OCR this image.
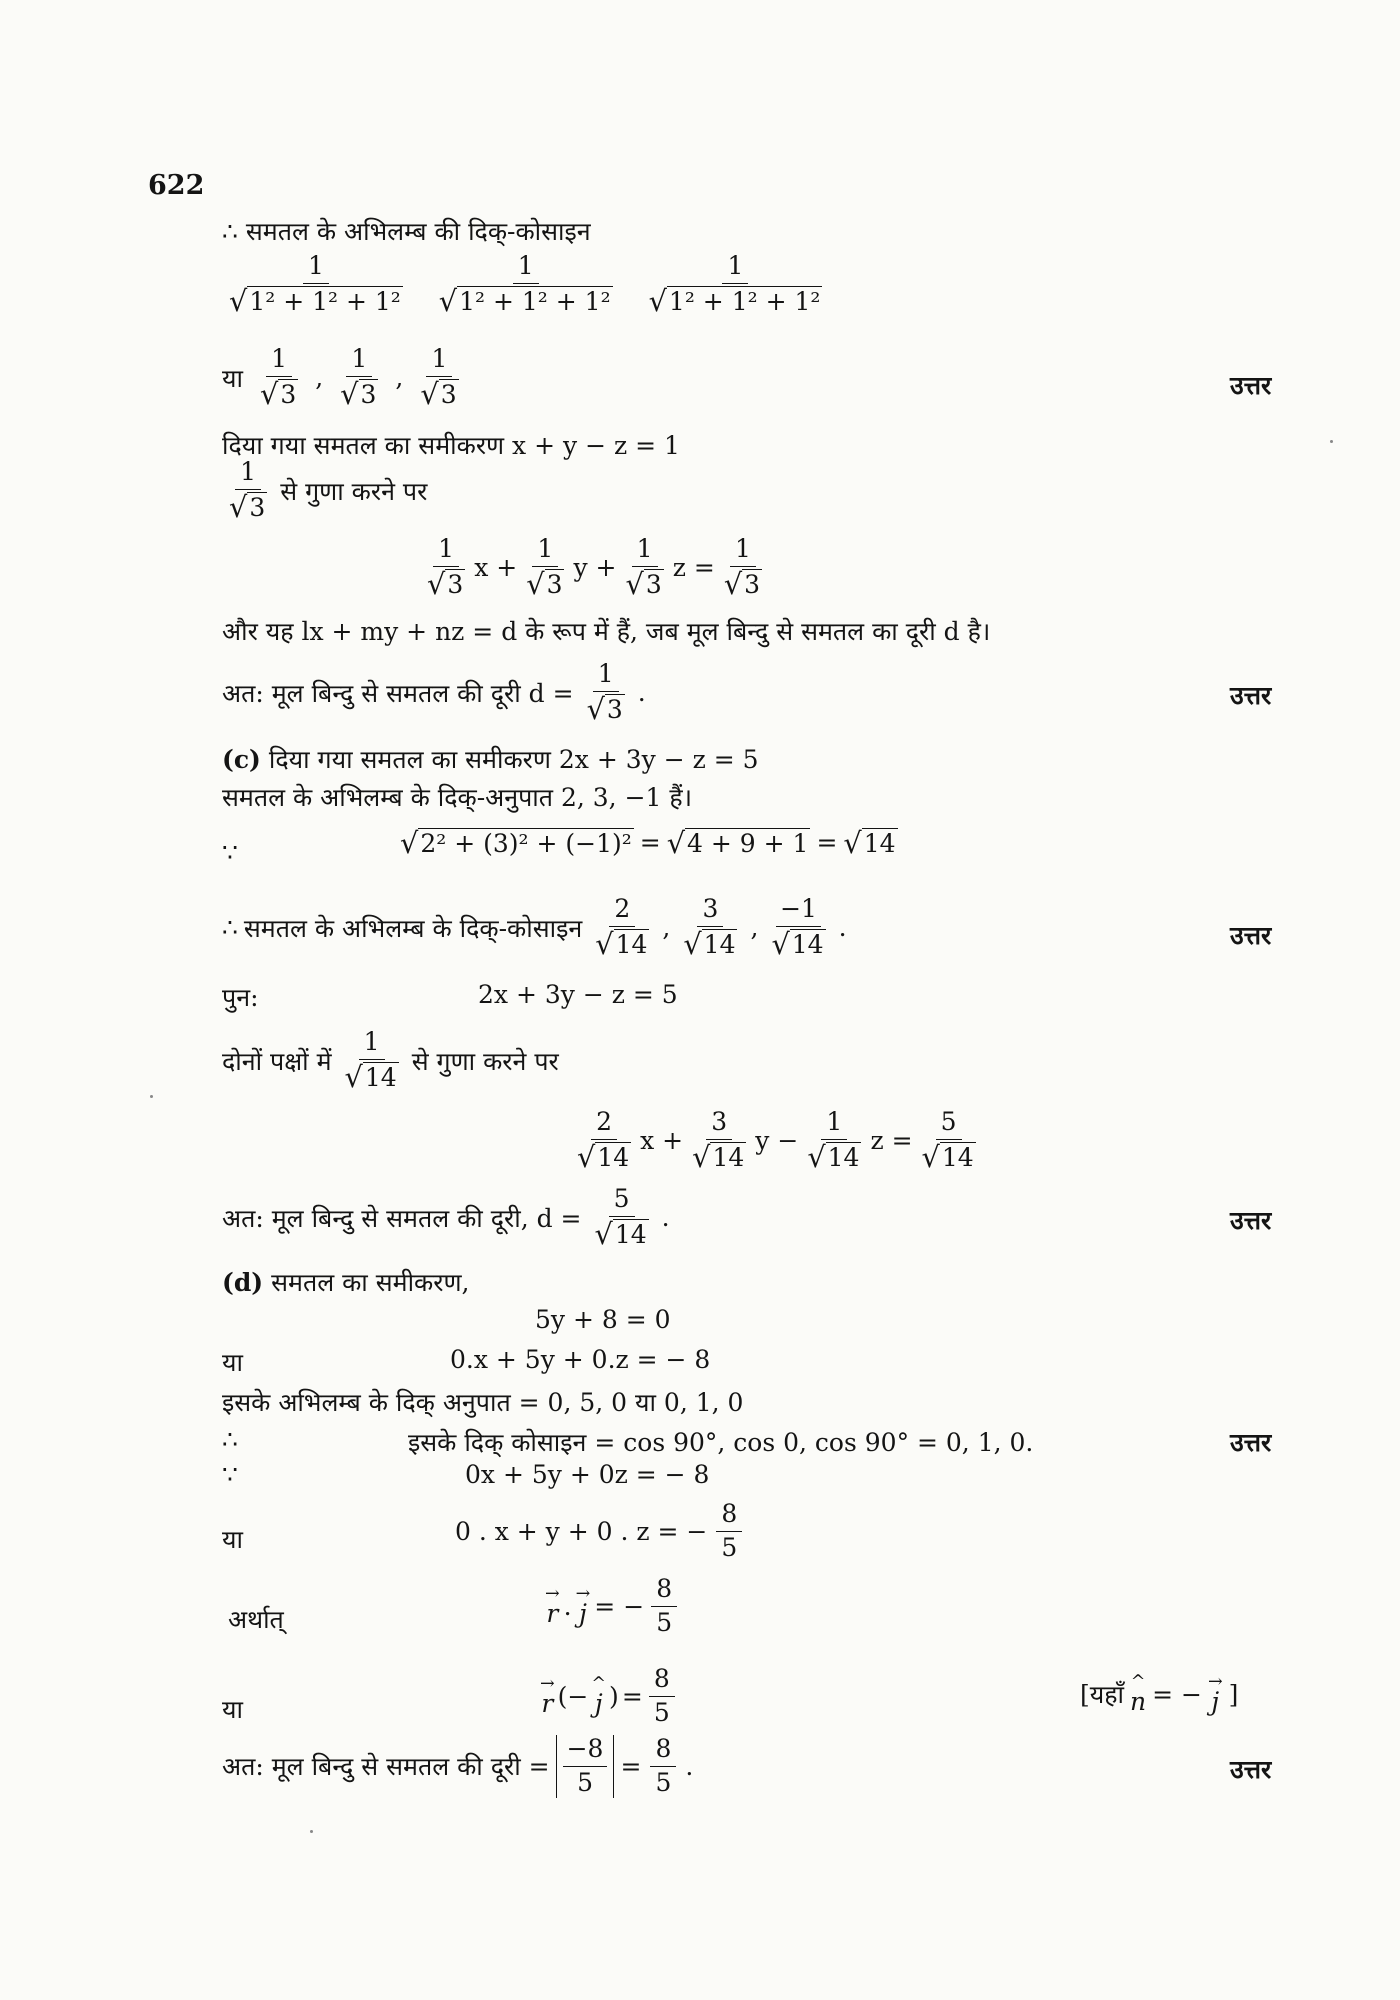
622
∴ समतल के अभिलम्ब की दिक्-कोसाइन
$\frac{1}{\text{√ 1² + 1² + 1²}} \frac{1}{\text{√ 1² + 1² + 1²}} \frac{1}{\text{√ 1² + 1² + 1²}}$
या $\frac{1}{√ 3}$ , $\frac{1}{√ 3}$ , $\frac{1}{√ 3}$	उत्तर
दिया गया समतल का समीकरण x + y − z = 1
$\frac{1}{√ 3}$ से गुणा करने पर
$\frac{1}{√ 3}$ $x + \frac{1}{√ 3}$ $y + \frac{1}{√ 3}$ $z = \frac{1}{√ 3}$
और यह lx + my + nz = d के रूप में हैं, जब मूल बिन्दु से समतल का दूरी d है।
अत: मूल बिन्दु से समतल की दूरी $d = \frac{1}{√ 3}$ .	उत्तर
(c) दिया गया समतल का समीकरण 2x + 3y − z = 5
समतल के अभिलम्ब के दिक्-अनुपात 2, 3, −1 हैं।
∵	√ 2² + (3)² + (−1)² = √ 4 + 9 + 1 = √ 14
∴ समतल के अभिलम्ब के दिक्-कोसाइन $\frac{2}{√ 14}$ , $\frac{3}{√ 14}$ , $\frac{-1}{√ 14}$ .	उत्तर
पुन:	2x + 3y − z = 5
दोनों पक्षों में $\frac{1}{√ 14}$ से गुणा करने पर
$\frac{2}{√ 14}$ $x + \frac{3}{√ 14}$ $y - \frac{1}{√ 14}$ $z = \frac{5}{√ 14}$
अत: मूल बिन्दु से समतल की दूरी, $d = \frac{5}{√ 14}$ .	उत्तर
(d) समतल का समीकरण,
5y + 8 = 0
या	0.x + 5y + 0.z = − 8
इसके अभिलम्ब के दिक् अनुपात = 0, 5, 0 या 0, 1, 0
∴	इसके दिक् कोसाइन = cos 90°, cos 0, cos 90° = 0, 1, 0.	उत्तर
∵	0x + 5y + 0z = − 8
या	0 . x + y + 0 . z = − $\frac{8}{5}$
अर्थात्
→
r . →
j = − $\frac{8}{5}$
या
→
r (− ^
j ) = $\frac{8}{5}$	[यहाँ ^
n = − →
j ]
अत: मूल बिन्दु से समतल की दूरी = $\frac{-8}{5} = \frac{8}{5}$ .	उत्तर
